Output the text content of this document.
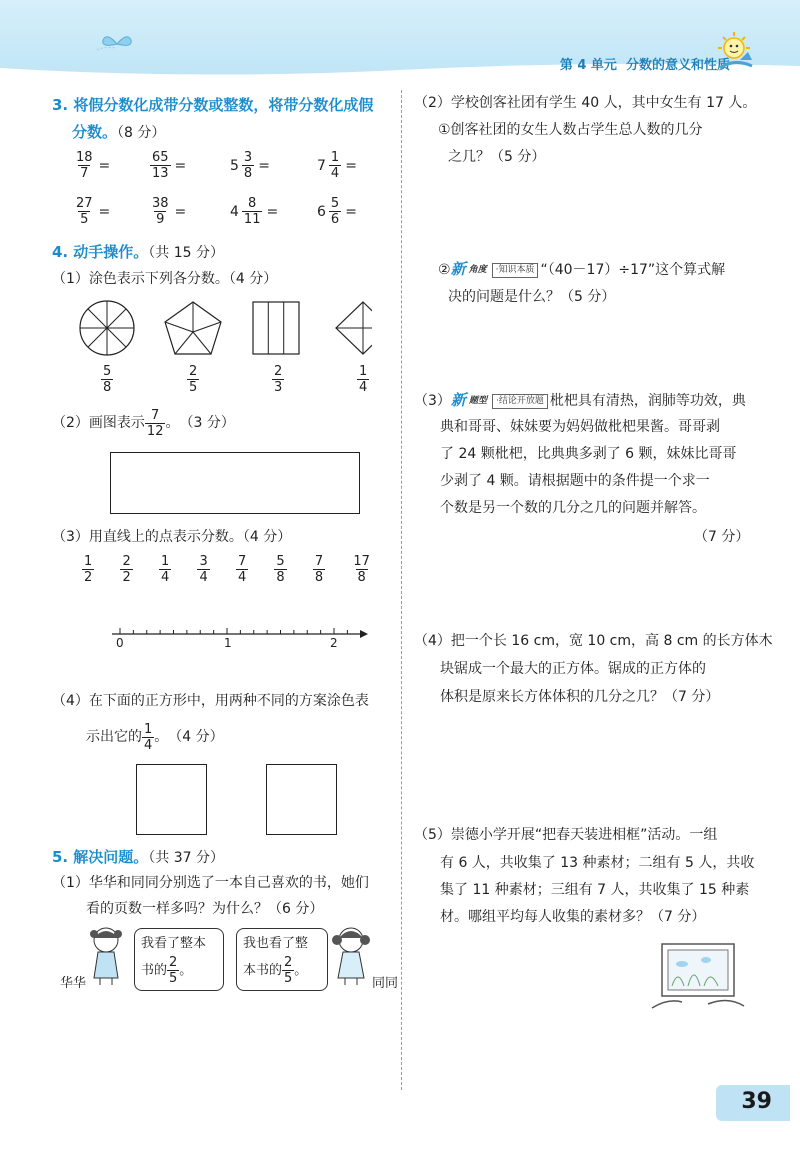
第 4 单元 分数的意义和性质
3. 将假分数化成带分数或整数，将带分数化成假
分数。（8 分）
$\frac{18}{7}$ =	$\frac{65}{13}$ =	$5 \frac{3}{8}$ =	$7 \frac{1}{4}$ =
$\frac{27}{5}$ =	$\frac{38}{9}$ =	$4 \frac{8}{11}$ =	$6 \frac{5}{6}$ =
4. 动手操作。（共 15 分）
（1）涂色表示下列各分数。（4 分）
$\frac{5}{8}$	$\frac{2}{5}$	$\frac{2}{3}$	$\frac{1}{4}$
（2）画图表示 $\frac{7}{12}$ 。 （3 分）
（3）用直线上的点表示分数。（4 分）
$\frac{1}{2} \frac{2}{2} \frac{1}{4} \frac{3}{4} \frac{7}{4} \frac{5}{8} \frac{7}{8} \frac{17}{8}$
0	1	2
（4）在下面的正方形中，用两种不同的方案涂色表
示出它的 $\frac{1}{4}$ 。 （4 分）
5. 解决问题。（共 37 分）
（1）华华和同同分别选了一本自己喜欢的书，她们
看的页数一样多吗？为什么？（6 分）
华华
我看了整本
书的 $\frac{2}{5}$ 。
我也看了整
本书的 $\frac{2}{5}$ 。
同同
（2）学校创客社团有学生 40 人，其中女生有 17 人。
①创客社团的女生人数占学生总人数的几分
之几？（5 分）
②新 角度 ·知识本质 “（40－17）÷17”这个算式解
决的问题是什么？（5 分）
（3）新 题型 ·结论开放题 枇杷具有清热，润肺等功效，典
典和哥哥、妹妹要为妈妈做枇杷果酱。哥哥剥
了 24 颗枇杷，比典典多剥了 6 颗，妹妹比哥哥
少剥了 4 颗。请根据题中的条件提一个求一
个数是另一个数的几分之几的问题并解答。
（7 分）
（4）把一个长 16 cm，宽 10 cm，高 8 cm 的长方体木
块锯成一个最大的正方体。锯成的正方体的
体积是原来长方体体积的几分之几？（7 分）
（5）崇德小学开展“把春天装进相框”活动。一组
有 6 人，共收集了 13 种素材；二组有 5 人，共收
集了 11 种素材；三组有 7 人，共收集了 15 种素
材。哪组平均每人收集的素材多？（7 分）
39
